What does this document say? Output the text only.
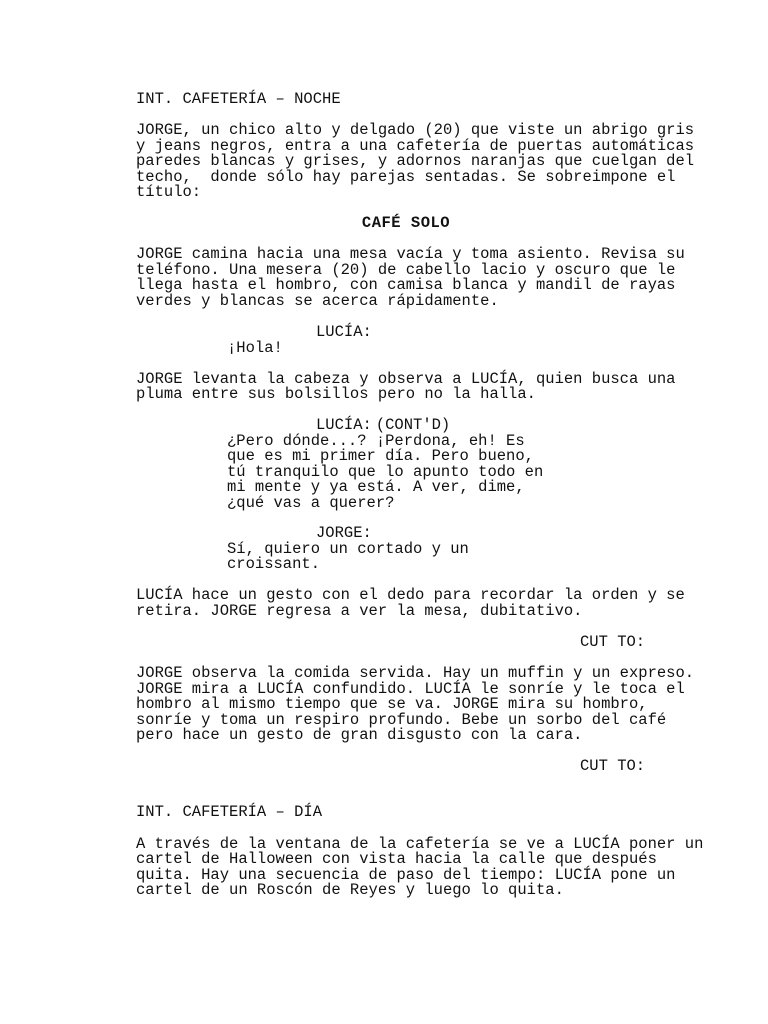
INT. CAFETERÍA – NOCHE
JORGE, un chico alto y delgado (20) que viste un abrigo gris
y jeans negros, entra a una cafetería de puertas automáticas
paredes blancas y grises, y adornos naranjas que cuelgan del
techo,  donde sólo hay parejas sentadas. Se sobreimpone el
título:
CAFÉ SOLO
JORGE camina hacia una mesa vacía y toma asiento. Revisa su
teléfono. Una mesera (20) de cabello lacio y oscuro que le
llega hasta el hombro, con camisa blanca y mandil de rayas
verdes y blancas se acerca rápidamente.
LUCÍA:
¡Hola!
JORGE levanta la cabeza y observa a LUCÍA, quien busca una
pluma entre sus bolsillos pero no la halla.
LUCÍA: (CONT'D)
¿Pero dónde...? ¡Perdona, eh! Es
que es mi primer día. Pero bueno,
tú tranquilo que lo apunto todo en
mi mente y ya está. A ver, dime,
¿qué vas a querer?
JORGE:
Sí, quiero un cortado y un
croissant.
LUCÍA hace un gesto con el dedo para recordar la orden y se
retira. JORGE regresa a ver la mesa, dubitativo.
CUT TO:
JORGE observa la comida servida. Hay un muffin y un expreso.
JORGE mira a LUCÍA confundido. LUCÍA le sonríe y le toca el
hombro al mismo tiempo que se va. JORGE mira su hombro,
sonríe y toma un respiro profundo. Bebe un sorbo del café
pero hace un gesto de gran disgusto con la cara.
CUT TO:
INT. CAFETERÍA – DÍA
A través de la ventana de la cafetería se ve a LUCÍA poner un
cartel de Halloween con vista hacia la calle que después
quita. Hay una secuencia de paso del tiempo: LUCÍA pone un
cartel de un Roscón de Reyes y luego lo quita.
